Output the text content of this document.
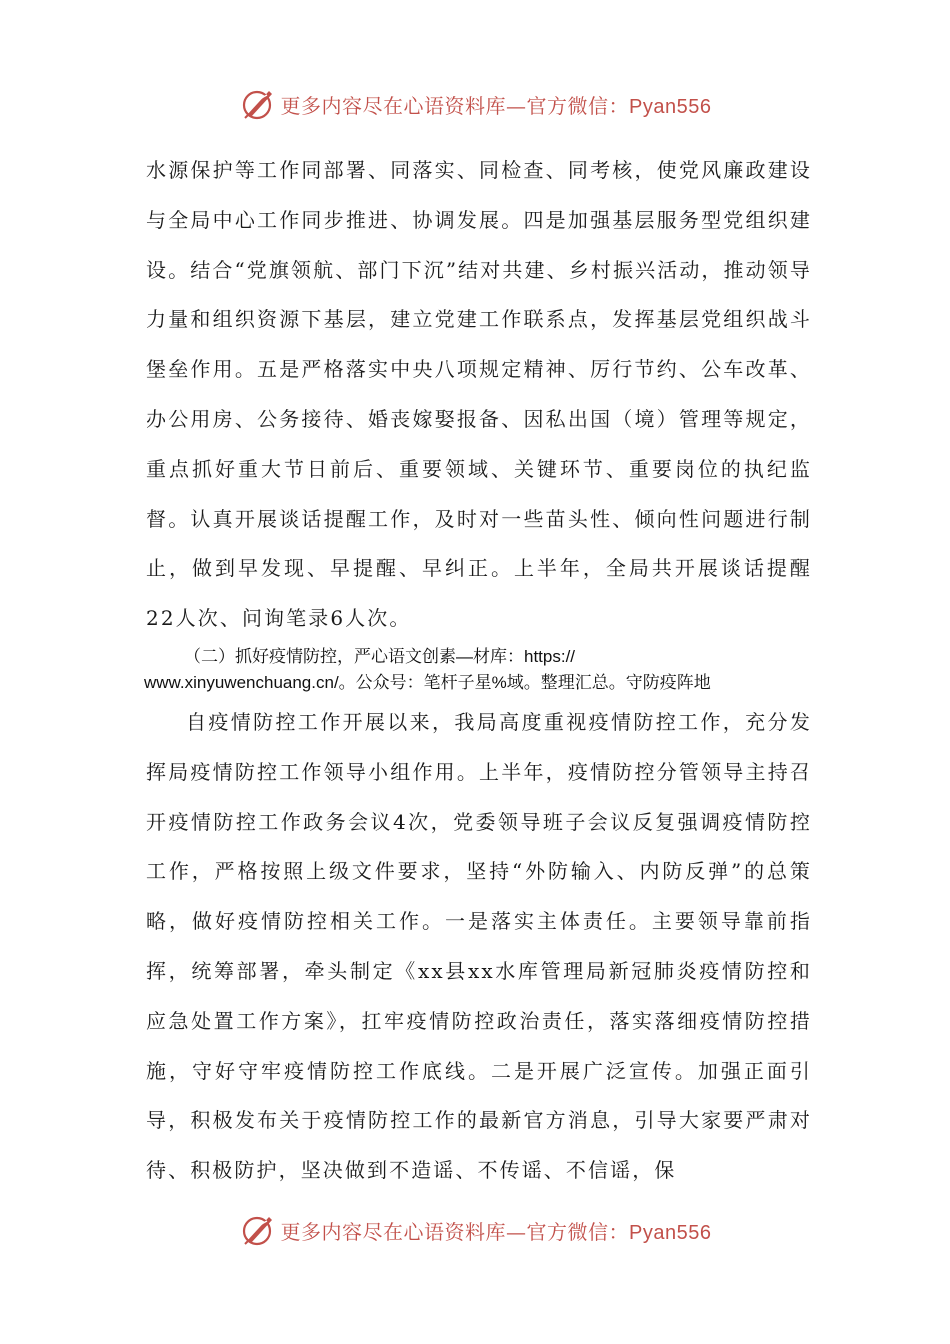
更多内容尽在心语资料库—官方微信：Pyan556

水源保护等工作同部署、同落实、同检查、同考核，使党风廉政建设与全局中心工作同步推进、协调发展。四是加强基层服务型党组织建设。结合“党旗领航、部门下沉”结对共建、乡村振兴活动，推动领导力量和组织资源下基层，建立党建工作联系点，发挥基层党组织战斗堡垒作用。五是严格落实中央八项规定精神、厉行节约、公车改革、办公用房、公务接待、婚丧嫁娶报备、因私出国（境）管理等规定，重点抓好重大节日前后、重要领域、关键环节、重要岗位的执纪监督。认真开展谈话提醒工作，及时对一些苗头性、倾向性问题进行制止，做到早发现、早提醒、早纠正。上半年，全局共开展谈话提醒22人次、问询笔录6人次。

（二）抓好疫情防控，严心语文创素—材库：https://
www.xinyuwenchuang.cn/。公众号：笔杆子星%域。整理汇总。守防疫阵地

自疫情防控工作开展以来，我局高度重视疫情防控工作，充分发挥局疫情防控工作领导小组作用。上半年，疫情防控分管领导主持召开疫情防控工作政务会议4次，党委领导班子会议反复强调疫情防控工作，严格按照上级文件要求，坚持“外防输入、内防反弹”的总策略，做好疫情防控相关工作。一是落实主体责任。主要领导靠前指挥，统筹部署，牵头制定《xx县xx水库管理局新冠肺炎疫情防控和应急处置工作方案》，扛牢疫情防控政治责任，落实落细疫情防控措施，守好守牢疫情防控工作底线。二是开展广泛宣传。加强正面引导，积极发布关于疫情防控工作的最新官方消息，引导大家要严肃对待、积极防护，坚决做到不造谣、不传谣、不信谣，保

更多内容尽在心语资料库—官方微信：Pyan556
